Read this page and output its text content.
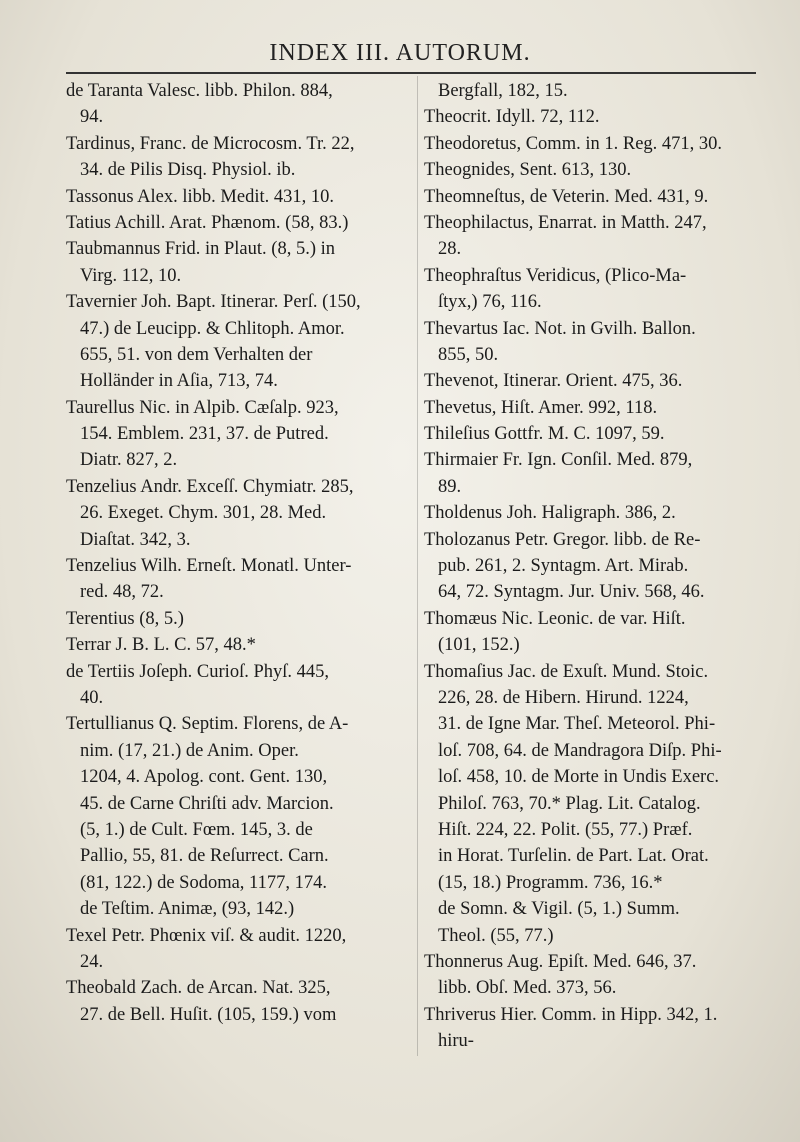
INDEX III. AUTORUM.
de Taranta Valesc. libb. Philon. 884,
94.
Tardinus, Franc. de Microcosm. Tr. 22,
34. de Pilis Disq. Physiol. ib.
Tassonus Alex. libb. Medit. 431, 10.
Tatius Achill. Arat. Phænom. (58, 83.)
Taubmannus Frid. in Plaut. (8, 5.) in
Virg. 112, 10.
Tavernier Joh. Bapt. Itinerar. Perſ. (150,
47.) de Leucipp. & Chlitoph. Amor.
655, 51. von dem Verhalten der
Holländer in Aſia, 713, 74.
Taurellus Nic. in Alpib. Cæſalp. 923,
154. Emblem. 231, 37. de Putred.
Diatr. 827, 2.
Tenzelius Andr. Exceſſ. Chymiatr. 285,
26. Exeget. Chym. 301, 28. Med.
Diaſtat. 342, 3.
Tenzelius Wilh. Erneſt. Monatl. Unter-
red. 48, 72.
Terentius (8, 5.)
Terrar J. B. L. C. 57, 48.*
de Tertiis Joſeph. Curioſ. Phyſ. 445,
40.
Tertullianus Q. Septim. Florens, de A-
nim. (17, 21.) de Anim. Oper.
1204, 4. Apolog. cont. Gent. 130,
45. de Carne Chriſti adv. Marcion.
(5, 1.) de Cult. Fœm. 145, 3. de
Pallio, 55, 81. de Reſurrect. Carn.
(81, 122.) de Sodoma, 1177, 174.
de Teſtim. Animæ, (93, 142.)
Texel Petr. Phœnix viſ. & audit. 1220,
24.
Theobald Zach. de Arcan. Nat. 325,
27. de Bell. Huſit. (105, 159.) vom
Bergfall, 182, 15.
Theocrit. Idyll. 72, 112.
Theodoretus, Comm. in 1. Reg. 471, 30.
Theognides, Sent. 613, 130.
Theomneſtus, de Veterin. Med. 431, 9.
Theophilactus, Enarrat. in Matth. 247,
28.
Theophraſtus Veridicus, (Plico-Ma-
ſtyx,) 76, 116.
Thevartus Iac. Not. in Gvilh. Ballon.
855, 50.
Thevenot, Itinerar. Orient. 475, 36.
Thevetus, Hiſt. Amer. 992, 118.
Thileſius Gottfr. M. C. 1097, 59.
Thirmaier Fr. Ign. Conſil. Med. 879,
89.
Tholdenus Joh. Haligraph. 386, 2.
Tholozanus Petr. Gregor. libb. de Re-
pub. 261, 2. Syntagm. Art. Mirab.
64, 72. Syntagm. Jur. Univ. 568, 46.
Thomæus Nic. Leonic. de var. Hiſt.
(101, 152.)
Thomaſius Jac. de Exuſt. Mund. Stoic.
226, 28. de Hibern. Hirund. 1224,
31. de Igne Mar. Theſ. Meteorol. Phi-
loſ. 708, 64. de Mandragora Diſp. Phi-
loſ. 458, 10. de Morte in Undis Exerc.
Philoſ. 763, 70.* Plag. Lit. Catalog.
Hiſt. 224, 22. Polit. (55, 77.) Præf.
in Horat. Turſelin. de Part. Lat. Orat.
(15, 18.) Programm. 736, 16.*
de Somn. & Vigil. (5, 1.) Summ.
Theol. (55, 77.)
Thonnerus Aug. Epiſt. Med. 646, 37.
libb. Obſ. Med. 373, 56.
Thriverus Hier. Comm. in Hipp. 342, 1.
hiru-
